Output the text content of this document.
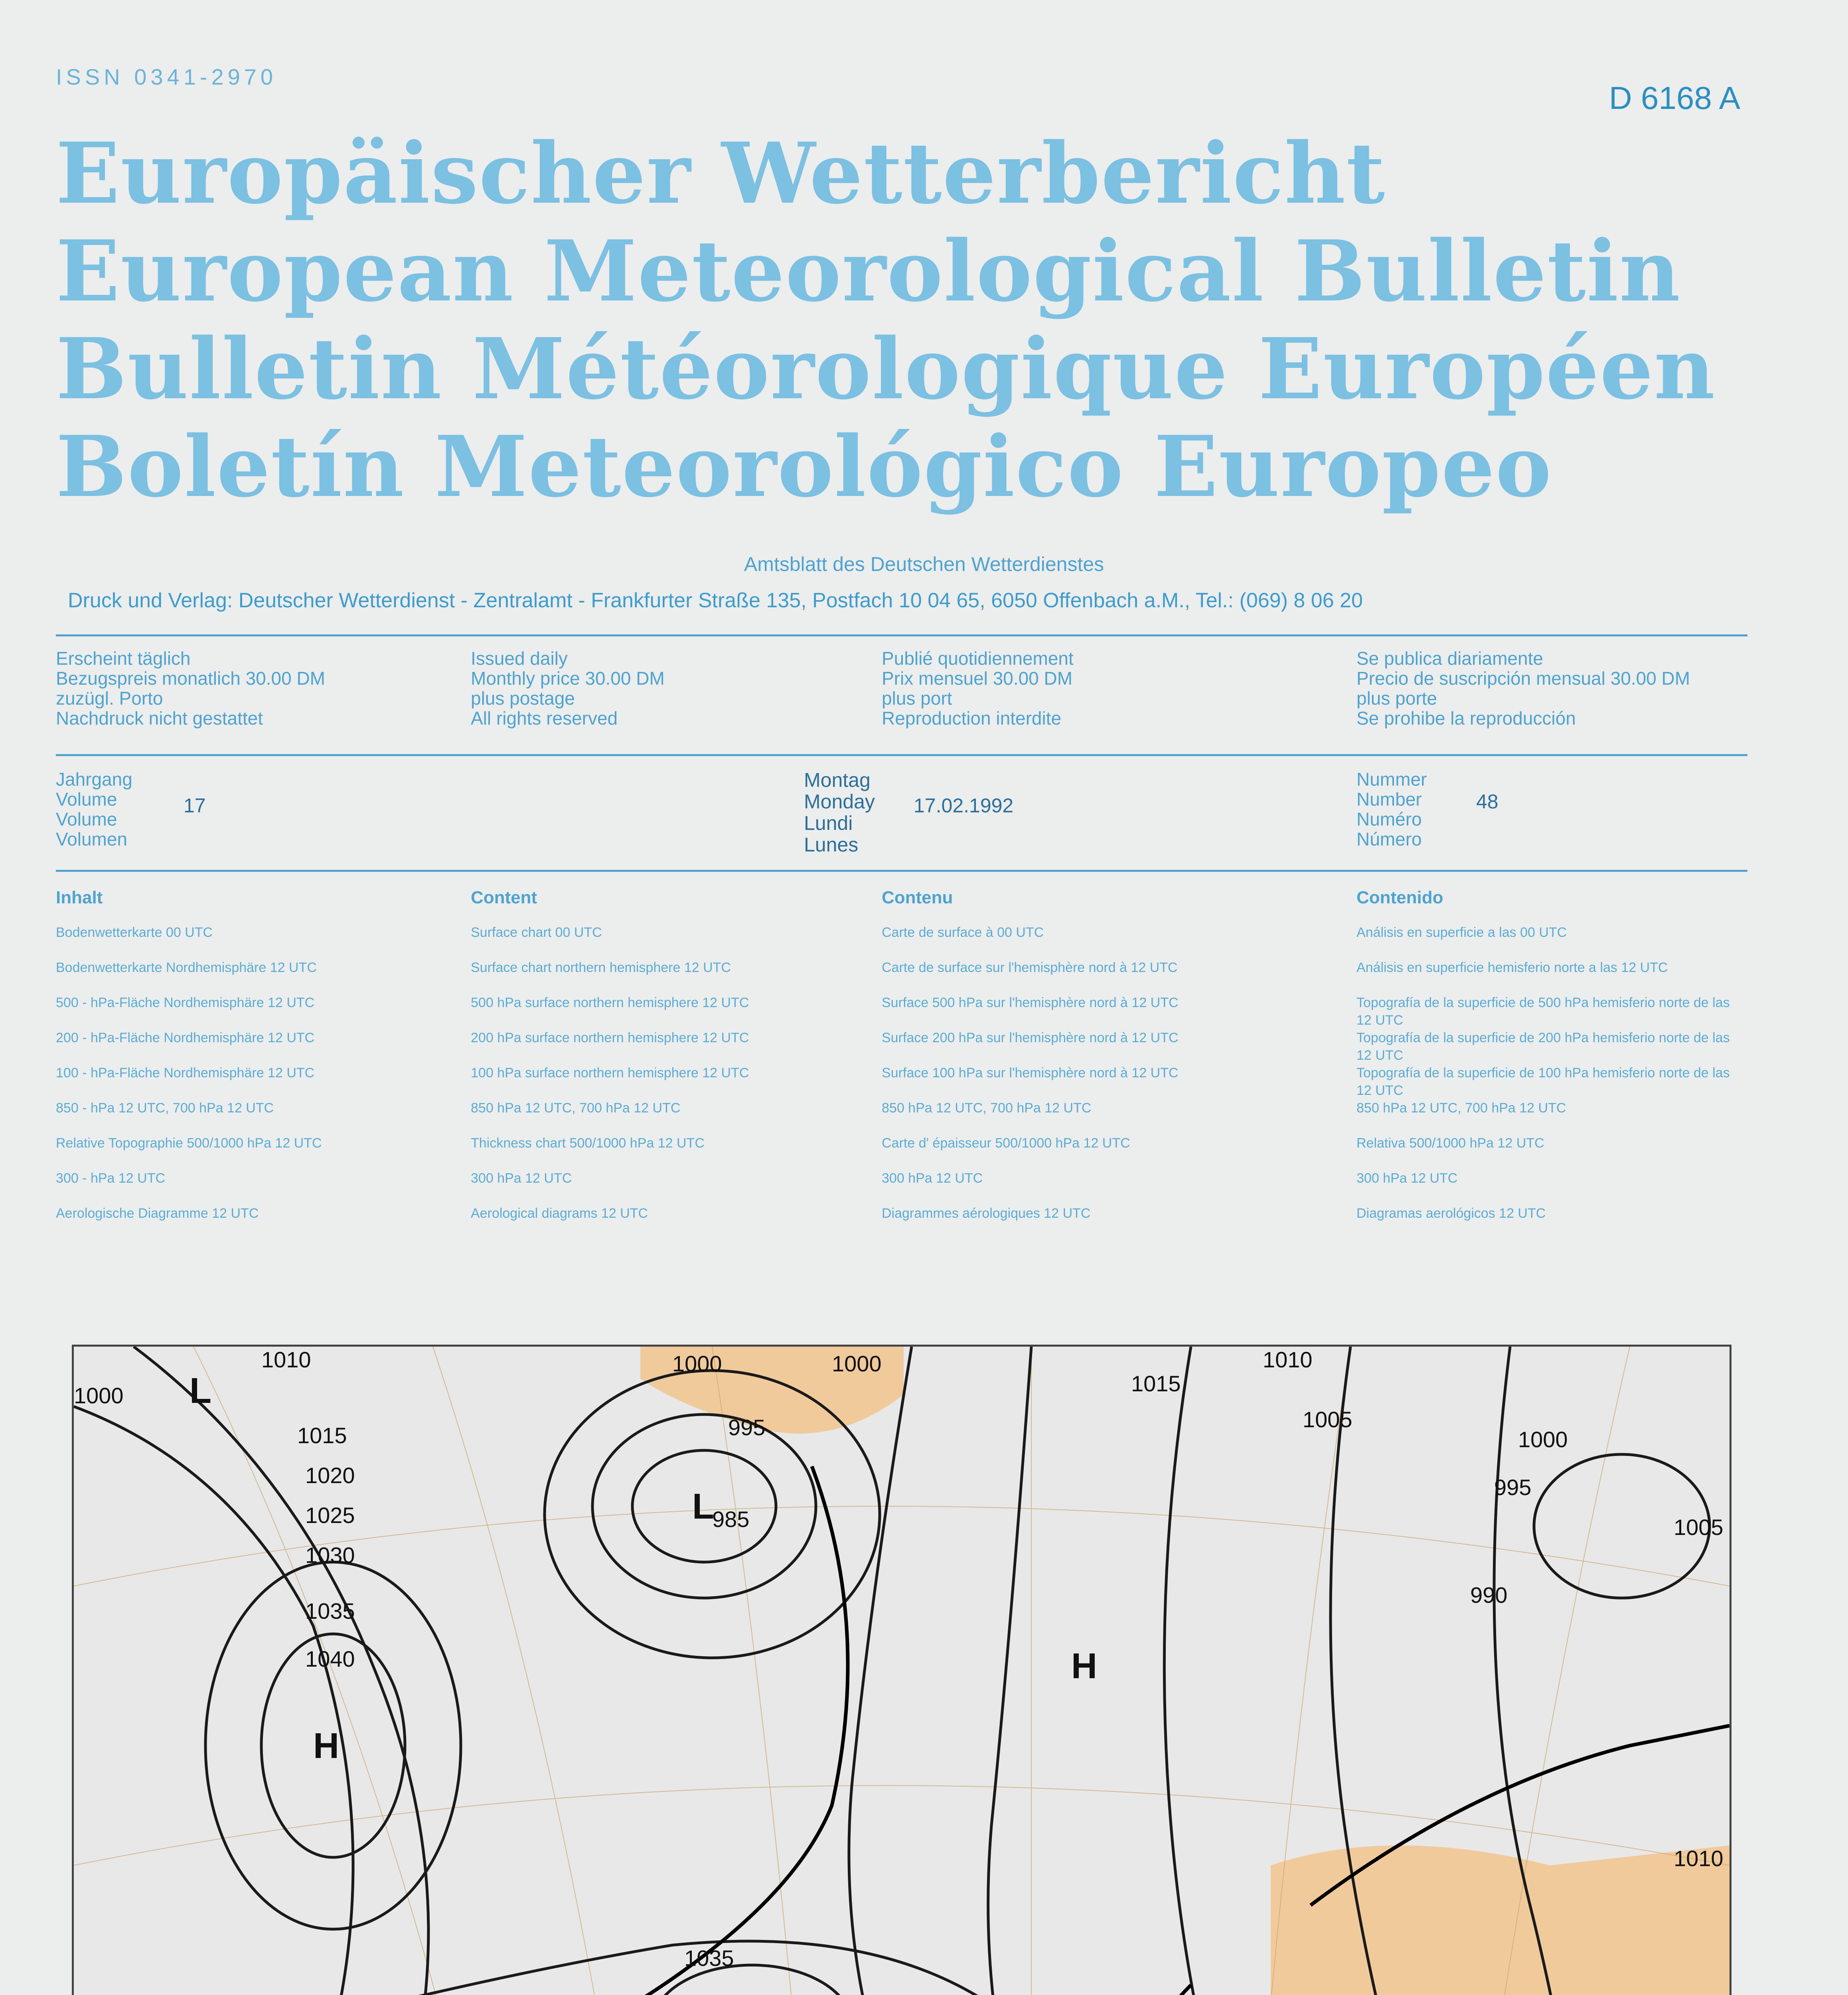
ISSN 0341-2970
D 6168 A
Europäischer Wetterbericht
European Meteorological Bulletin
Bulletin Météorologique Européen
Boletín Meteorológico Europeo
Amtsblatt des Deutschen Wetterdienstes
Druck und Verlag: Deutscher Wetterdienst - Zentralamt - Frankfurter Straße 135, Postfach 10 04 65, 6050 Offenbach a.M., Tel.: (069) 8 06 20
Erscheint täglich
Bezugspreis monatlich 30.00 DM
zuzügl. Porto
Nachdruck nicht gestattet
Issued daily
Monthly price 30.00 DM
plus postage
All rights reserved
Publié quotidiennement
Prix mensuel 30.00 DM
plus port
Reproduction interdite
Se publica diariamente
Precio de suscripción mensual 30.00 DM
plus porte
Se prohibe la reproducción
Jahrgang
Volume
Volume
Volumen
17
Montag
Monday
Lundi
Lunes
17.02.1992
Nummer
Number
Numéro
Número
48
Inhalt
Bodenwetterkarte 00 UTC
Bodenwetterkarte Nordhemisphäre 12 UTC
500 - hPa-Fläche Nordhemisphäre 12 UTC
200 - hPa-Fläche Nordhemisphäre 12 UTC
100 - hPa-Fläche Nordhemisphäre 12 UTC
850 - hPa 12 UTC, 700 hPa 12 UTC
Relative Topographie 500/1000 hPa 12 UTC
300 - hPa 12 UTC
Aerologische Diagramme 12 UTC
Content
Surface chart 00 UTC
Surface chart northern hemisphere 12 UTC
500 hPa surface northern hemisphere 12 UTC
200 hPa surface northern hemisphere 12 UTC
100 hPa surface northern hemisphere 12 UTC
850 hPa 12 UTC, 700 hPa 12 UTC
Thickness chart 500/1000 hPa 12 UTC
300 hPa 12 UTC
Aerological diagrams 12 UTC
Contenu
Carte de surface à 00 UTC
Carte de surface sur l'hemisphère nord à 12 UTC
Surface 500 hPa sur l'hemisphère nord à 12 UTC
Surface 200 hPa sur l'hemisphère nord à 12 UTC
Surface 100 hPa sur l'hemisphère nord à 12 UTC
850 hPa 12 UTC, 700 hPa 12 UTC
Carte d' épaisseur 500/1000 hPa 12 UTC
300 hPa 12 UTC
Diagrammes aérologiques 12 UTC
Contenido
Análisis en superficie a las 00 UTC
Análisis en superficie hemisferio norte a las 12 UTC
Topografía de la superficie de 500 hPa hemisferio norte de las 12 UTC
Topografía de la superficie de 200 hPa hemisferio norte de las 12 UTC
Topografía de la superficie de 100 hPa hemisferio norte de las 12 UTC
850 hPa 12 UTC, 700 hPa 12 UTC
Relativa 500/1000 hPa 12 UTC
300 hPa 12 UTC
Diagramas aerológicos 12 UTC
1010
1000
1000
1015
1010
1000
1015
1020
1025
1030
1035
1040
995
985
1005
1000
995
990
1005
1010
1035
L
L
H
H
